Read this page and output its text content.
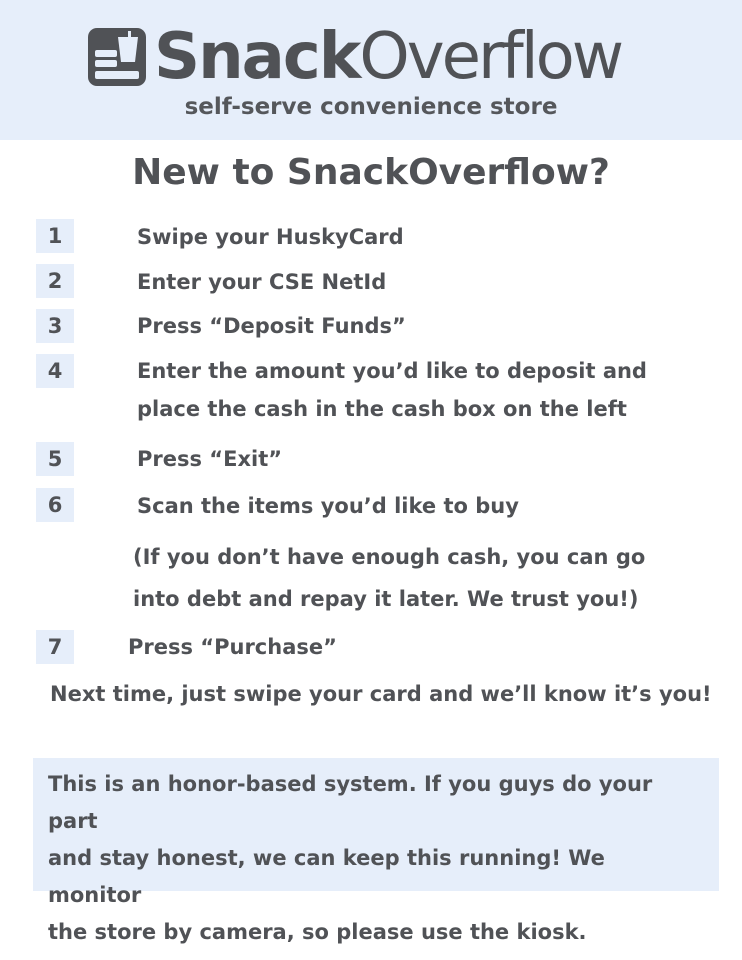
Snack Overflow
self-serve convenience store
New to SnackOverflow?
1	Swipe your HuskyCard
2	Enter your CSE NetId
3	Press “Deposit Funds”
4	Enter the amount you’d like to deposit and
place the cash in the cash box on the left
5	Press “Exit”
6	Scan the items you’d like to buy
(If you don’t have enough cash, you can go
into debt and repay it later. We trust you!)
7	Press “Purchase”
Next time, just swipe your card and we’ll know it’s you!
This is an honor-based system. If you guys do your part
and stay honest, we can keep this running! We monitor
the store by camera, so please use the kiosk.
